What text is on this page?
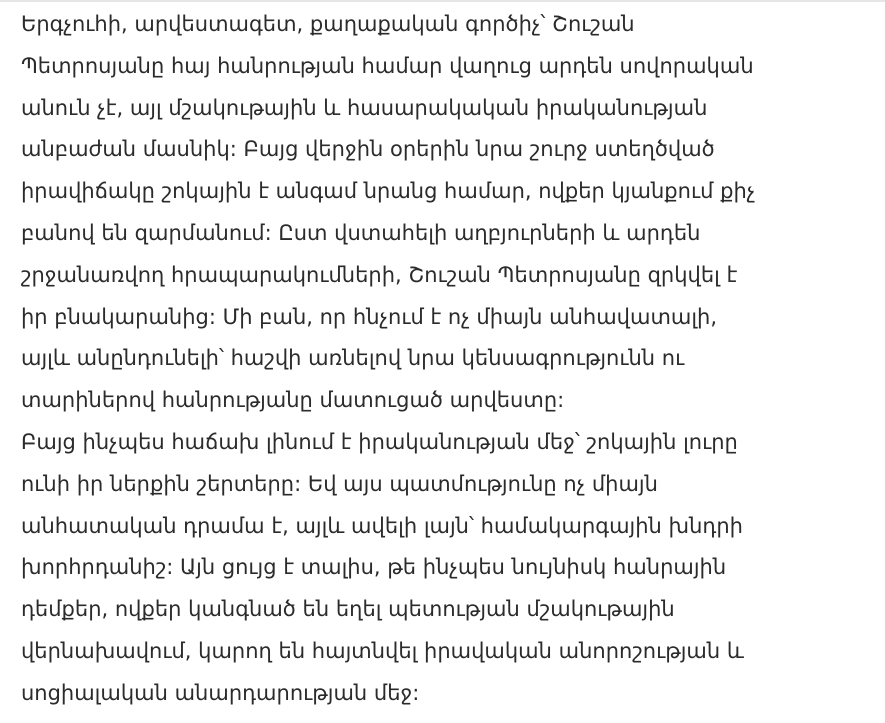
Երգչուհի, արվեստագետ, քաղաքական գործիչ՝ Շուշան
Պետրոսյանը հայ հանրության համար վաղուց արդեն սովորական
անուն չէ, այլ մշակութային և հասարակական իրականության
անբաժան մասնիկ: Բայց վերջին օրերին նրա շուրջ ստեղծված
իրավիճակը շոկային է անգամ նրանց համար, ովքեր կյանքում քիչ
բանով են զարմանում: Ըստ վստահելի աղբյուրների և արդեն
շրջանառվող հրապարակումների, Շուշան Պետրոսյանը զրկվել է
իր բնակարանից: Մի բան, որ հնչում է ոչ միայն անհավատալի,
այլև անընդունելի՝ հաշվի առնելով նրա կենսագրությունն ու
տարիներով հանրությանը մատուցած արվեստը:

Բայց ինչպես հաճախ լինում է իրականության մեջ՝ շոկային լուրը
ունի իր ներքին շերտերը: Եվ այս պատմությունը ոչ միայն
անհատական դրամա է, այլև ավելի լայն՝ համակարգային խնդրի
խորհրդանիշ: Այն ցույց է տալիս, թե ինչպես նույնիսկ հանրային
դեմքեր, ովքեր կանգնած են եղել պետության մշակութային
վերնախավում, կարող են հայտնվել իրավական անորոշության և
սոցիալական անարդարության մեջ:
